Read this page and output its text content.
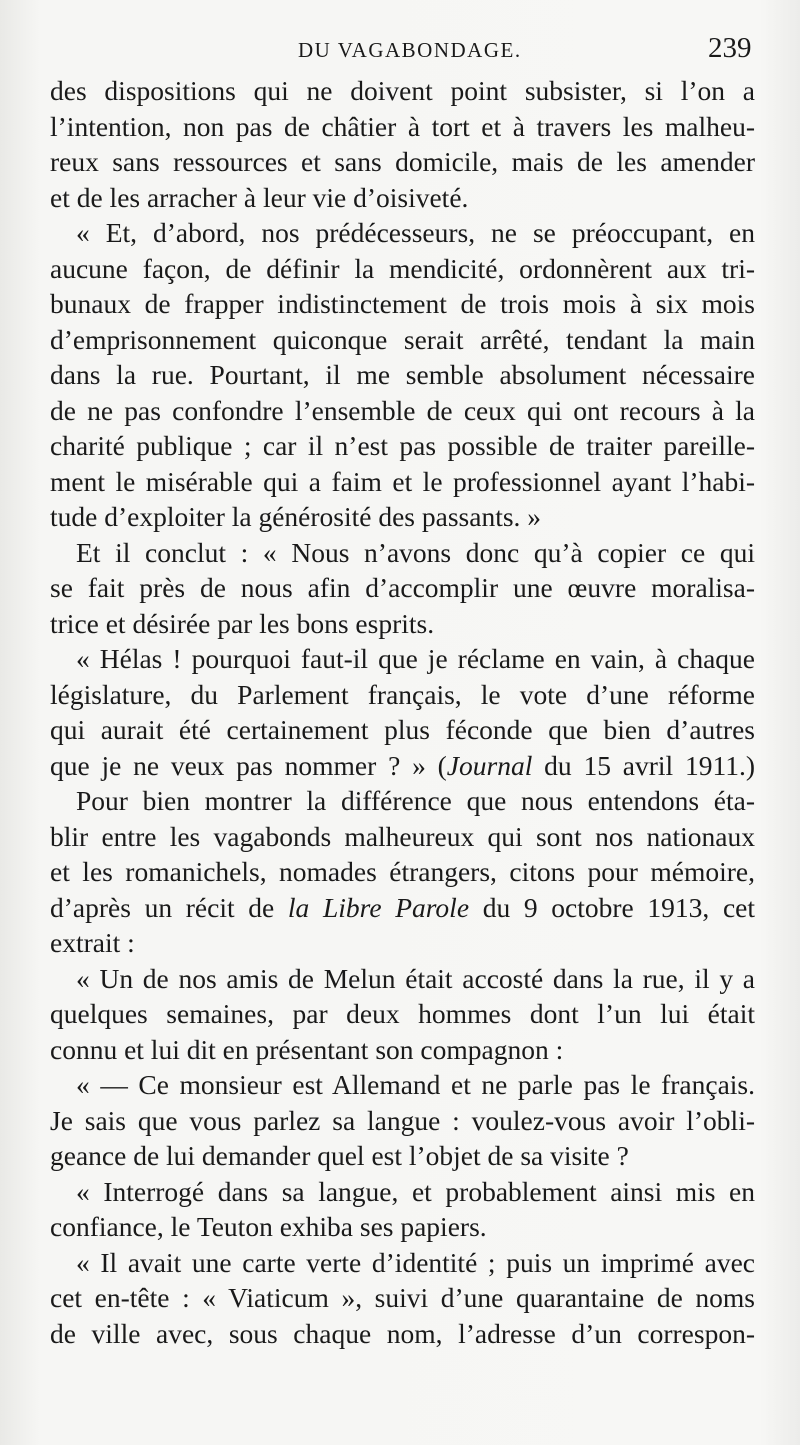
DU VAGABONDAGE.	239
des dispositions qui ne doivent point subsister, si l’on a
l’intention, non pas de châtier à tort et à travers les malheu-
reux sans ressources et sans domicile, mais de les amender
et de les arracher à leur vie d’oisiveté.
« Et, d’abord, nos prédécesseurs, ne se préoccupant, en
aucune façon, de définir la mendicité, ordonnèrent aux tri-
bunaux de frapper indistinctement de trois mois à six mois
d’emprisonnement quiconque serait arrêté, tendant la main
dans la rue. Pourtant, il me semble absolument nécessaire
de ne pas confondre l’ensemble de ceux qui ont recours à la
charité publique ; car il n’est pas possible de traiter pareille-
ment le misérable qui a faim et le professionnel ayant l’habi-
tude d’exploiter la générosité des passants. »
Et il conclut : « Nous n’avons donc qu’à copier ce qui
se fait près de nous afin d’accomplir une œuvre moralisa-
trice et désirée par les bons esprits.
« Hélas ! pourquoi faut-il que je réclame en vain, à chaque
législature, du Parlement français, le vote d’une réforme
qui aurait été certainement plus féconde que bien d’autres
que je ne veux pas nommer ? » (Journal du 15 avril 1911.)
Pour bien montrer la différence que nous entendons éta-
blir entre les vagabonds malheureux qui sont nos nationaux
et les romanichels, nomades étrangers, citons pour mémoire,
d’après un récit de la Libre Parole du 9 octobre 1913, cet
extrait :
« Un de nos amis de Melun était accosté dans la rue, il y a
quelques semaines, par deux hommes dont l’un lui était
connu et lui dit en présentant son compagnon :
« — Ce monsieur est Allemand et ne parle pas le français.
Je sais que vous parlez sa langue : voulez-vous avoir l’obli-
geance de lui demander quel est l’objet de sa visite ?
« Interrogé dans sa langue, et probablement ainsi mis en
confiance, le Teuton exhiba ses papiers.
« Il avait une carte verte d’identité ; puis un imprimé avec
cet en-tête : « Viaticum », suivi d’une quarantaine de noms
de ville avec, sous chaque nom, l’adresse d’un correspon-
